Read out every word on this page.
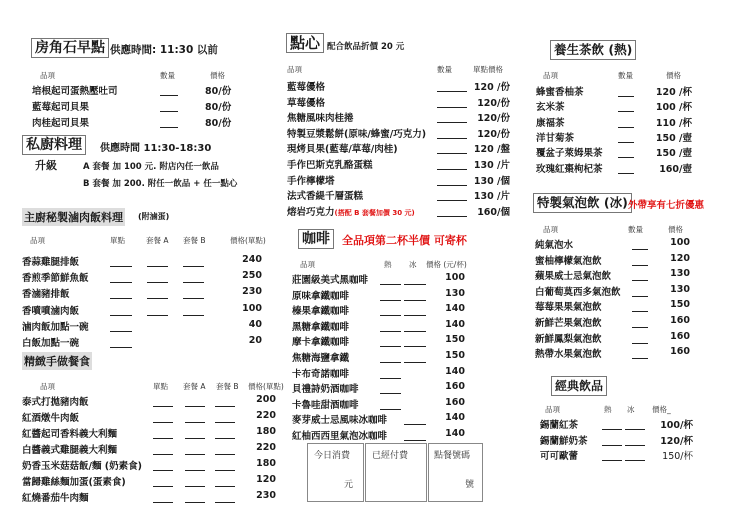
房角石早點 供應時間: 11:30 以前
私廚料理	供應時間 11:30-18:30
升級	A 套餐 加 100 元. 附店內任一飲品
B 套餐 加 200. 附任一飲品 + 任一點心
主廚秘製滷肉飯料理 (附滷蛋)
精緻手做餐食
點心 配合飲品折價 20 元
咖啡	全品項第二杯半價 可寄杯
養生茶飲 (熱)
特製氣泡飲 (冰) 外帶享有七折優惠
經典飲品
今日消費
元
已經付費	點餐號碼
號
品項	數量	價格
培根起司蛋熱壓吐司	80/份
藍莓起司貝果	80/份
肉桂起司貝果	80/份
品項	單點	套餐 A 套餐 B	價格(單點)
香蒜雞腿排飯	240
香煎季節鮮魚飯	250
香滷豬排飯	230
香噴噴滷肉飯	100
滷肉飯加點一碗	40
白飯加點一碗	20
品項	單點 套餐 A 套餐 B 價格(單點)
泰式打拋豬肉飯	200
紅酒燉牛肉飯	220
紅醬起司香料義大利麵	180
白醬義式雞腿義大利麵	220
奶香玉米菇菇飯/麵 (奶素食)	180
當歸雞絲麵加蛋(蛋素食)	120
紅燒番茄牛肉麵	230
品項	數量	單點價格
藍莓優格	120 /份
草莓優格	120/份
焦糖風味肉桂捲	120/份
特製豆漿鬆餅(原味/蜂蜜/巧克力)	120/份
現烤貝果(藍莓/草莓/肉桂)	120 /盤
手作巴斯克乳酪蛋糕	130 /片
手作檸檬塔	130 /個
法式香緹千層蛋糕	130 /片
熔岩巧克力(搭配 B 套餐加價 30 元)	160/個
品項	熱 冰 價格 (元/杯)
莊園級美式黑咖啡	100
原味拿鐵咖啡	130
榛果拿鐵咖啡	140
黑糖拿鐵咖啡	140
摩卡拿鐵咖啡	150
焦糖海鹽拿鐵	150
卡布奇諾咖啡	140
貝禮詩奶酒咖啡	160
卡魯哇甜酒咖啡	160
麥芽威士忌風味冰咖啡	140
紅柚西西里氣泡冰咖啡	140
品項	數量	價格
蜂蜜香柚茶	120 /杯
玄米茶	100 /杯
康福茶	110 /杯
洋甘菊茶	150 /壺
覆盆子萊姆果茶	150 /壺
玫瑰紅棗枸杞茶	160/壺
品項	數量	價格
純氣泡水	100
蜜柚檸檬氣泡飲	120
蘋果威士忌氣泡飲	130
白葡萄莫西多氣泡飲	130
莓莓果果氣泡飲	150
新鮮芒果氣泡飲	160
新鮮鳳梨氣泡飲	160
熱帶水果氣泡飲	160
品項	熱 冰 價格_
錫蘭紅茶	100/杯
錫蘭鮮奶茶	120/杯
可可歐蕾	150/杯
